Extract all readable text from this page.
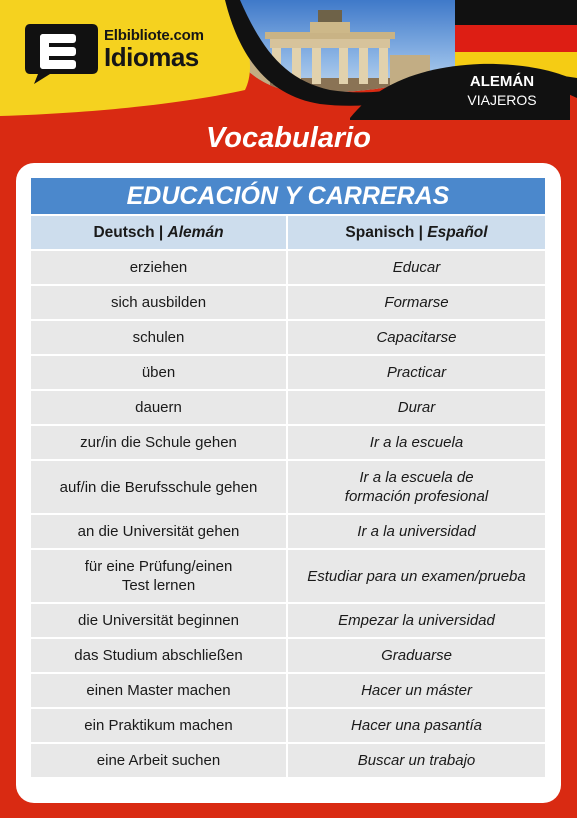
Elbibliote.com
Idiomas
ALEMÁN
VIAJEROS
Vocabulario
EDUCACIÓN Y CARRERAS
Deutsch | Alemán	Spanisch | Español
erziehen	Educar
sich ausbilden	Formarse
schulen	Capacitarse
üben	Practicar
dauern	Durar
zur/in die Schule gehen	Ir a la escuela
auf/in die Berufsschule gehen	Ir a la escuela de
formación profesional
an die Universität gehen	Ir a la universidad
für eine Prüfung/einen
Test lernen	Estudiar para un examen/prueba
die Universität beginnen	Empezar la universidad
das Studium abschließen	Graduarse
einen Master machen	Hacer un máster
ein Praktikum machen	Hacer una pasantía
eine Arbeit suchen	Buscar un trabajo
